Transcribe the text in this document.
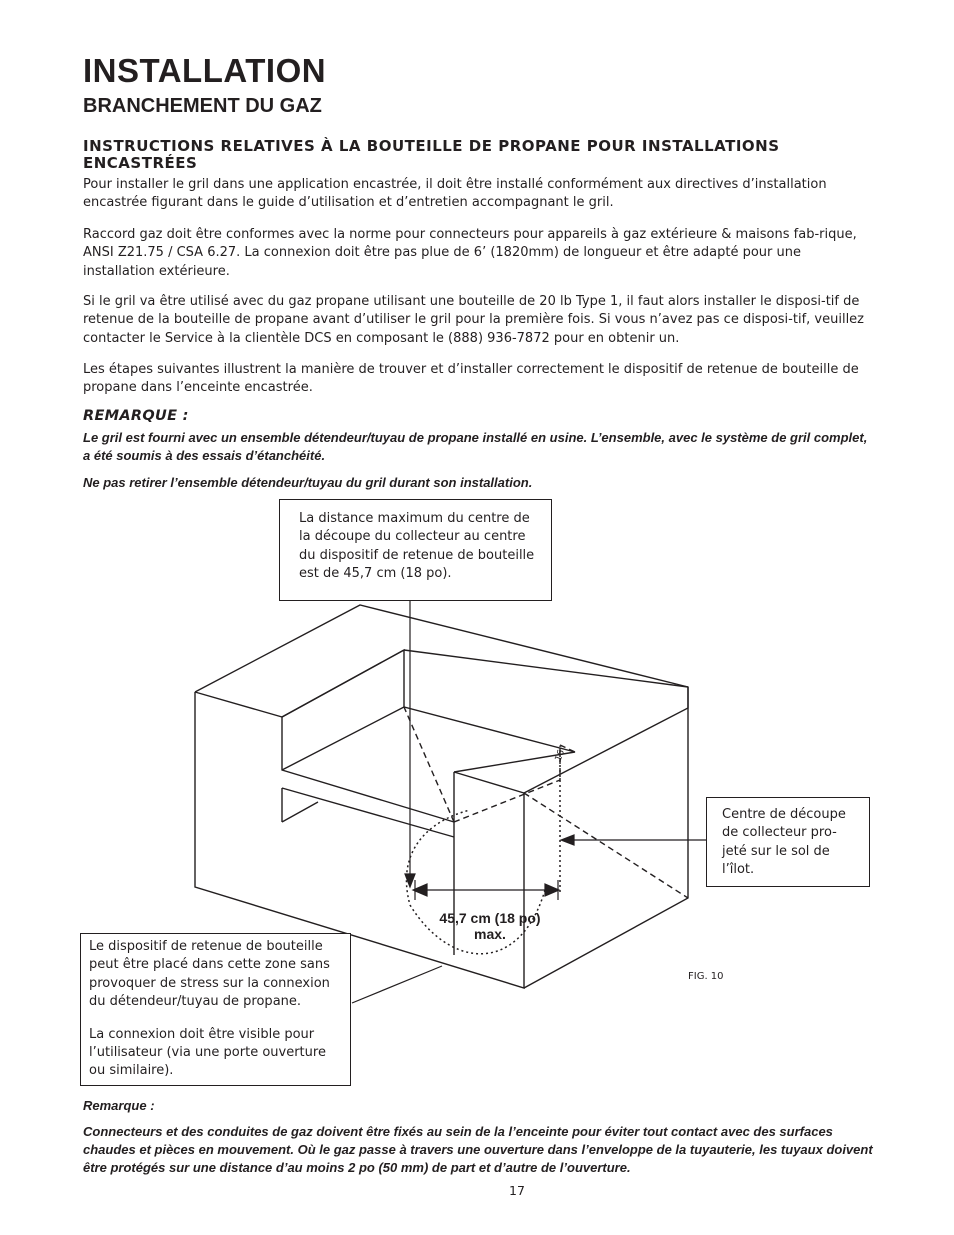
INSTALLATION
BRANCHEMENT DU GAZ
INSTRUCTIONS RELATIVES À LA BOUTEILLE DE PROPANE POUR INSTALLATIONS ENCASTRÉES
Pour installer le gril dans une application encastrée, il doit être installé conformément aux directives d’installation encastrée figurant dans le guide d’utilisation et d’entretien accompagnant le gril.
Raccord gaz doit être conformes avec la norme pour connecteurs pour appareils à gaz extérieure & maisons fab-rique, ANSI Z21.75 / CSA 6.27. La connexion doit être pas plue de 6’ (1820mm) de longueur et être adapté pour une installation extérieure.
Si le gril va être utilisé avec du gaz propane utilisant une bouteille de 20 lb Type 1, il faut alors installer le disposi-tif de retenue de la bouteille de propane avant d’utiliser le gril pour la première fois. Si vous n’avez pas ce disposi-tif, veuillez contacter le Service à la clientèle DCS en composant le (888) 936-7872 pour en obtenir un.
Les étapes suivantes illustrent la manière de trouver et d’installer correctement le dispositif de retenue de bouteille de propane dans l’enceinte encastrée.
REMARQUE :
Le gril est fourni avec un ensemble détendeur/tuyau de propane installé en usine. L’ensemble, avec le système de gril complet, a été soumis à des essais d’étanchéité.
Ne pas retirer l’ensemble détendeur/tuyau du gril durant son installation.
16"

La distance maximum du centre de la découpe du collecteur au centre du dispositif de retenue de bouteille est de 45,7 cm (18 po).

Centre de découpe de collecteur pro-jeté sur le sol de l’îlot.

Le dispositif de retenue de bouteille peut être placé dans cette zone sans provoquer de stress sur la connexion du détendeur/tuyau de propane.

La connexion doit être visible pour l’utilisateur (via une porte ouverture ou similaire).

45,7 cm (18 po)
max.
FIG. 10
Remarque :
Connecteurs et des conduites de gaz doivent être fixés au sein de la l’enceinte pour éviter tout contact avec des surfaces chaudes et pièces en mouvement. Où le gaz passe à travers une ouverture dans l’enveloppe de la tuyauterie, les tuyaux doivent être protégés sur une distance d’au moins 2 po (50 mm) de part et d’autre de l’ouverture.
17
